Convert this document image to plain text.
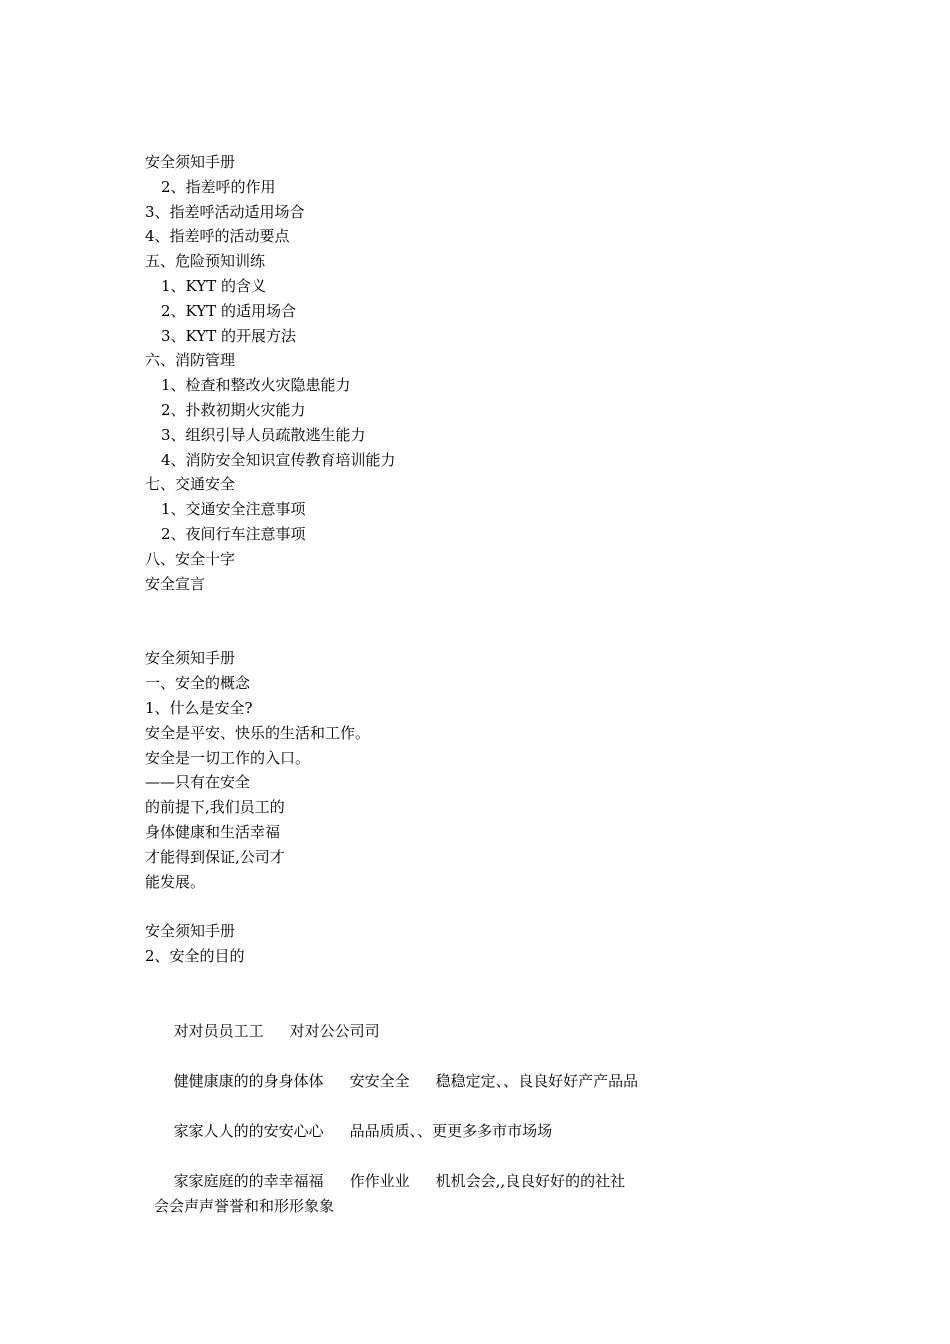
安全须知手册
2、指差呼的作用
3、指差呼活动适用场合
4、指差呼的活动要点
五、危险预知训练
1、KYT 的含义
2、KYT 的适用场合
3、KYT 的开展方法
六、消防管理
1、检查和整改火灾隐患能力
2、扑救初期火灾能力
3、组织引导人员疏散逃生能力
4、消防安全知识宣传教育培训能力
七、交通安全
1、交通安全注意事项
2、夜间行车注意事项
八、安全十字
安全宣言
安全须知手册
一、安全的概念
1、什么是安全?
安全是平安、快乐的生活和工作。
安全是一切工作的入口。
——只有在安全
的前提下,我们员工的
身体健康和生活幸福
才能得到保证,公司才
能发展。
安全须知手册
2、安全的目的

对对员员工工 对对公公司司

健健康康的的身身体体 安安全全 稳稳定定、、良良好好产产品品

家家人人的的安安心心 品品质质、、更更多多市市场场

家家庭庭的的幸幸福福 作作业业 机机会会,,良良好好的的社社

会会声声誉誉和和形形象象
